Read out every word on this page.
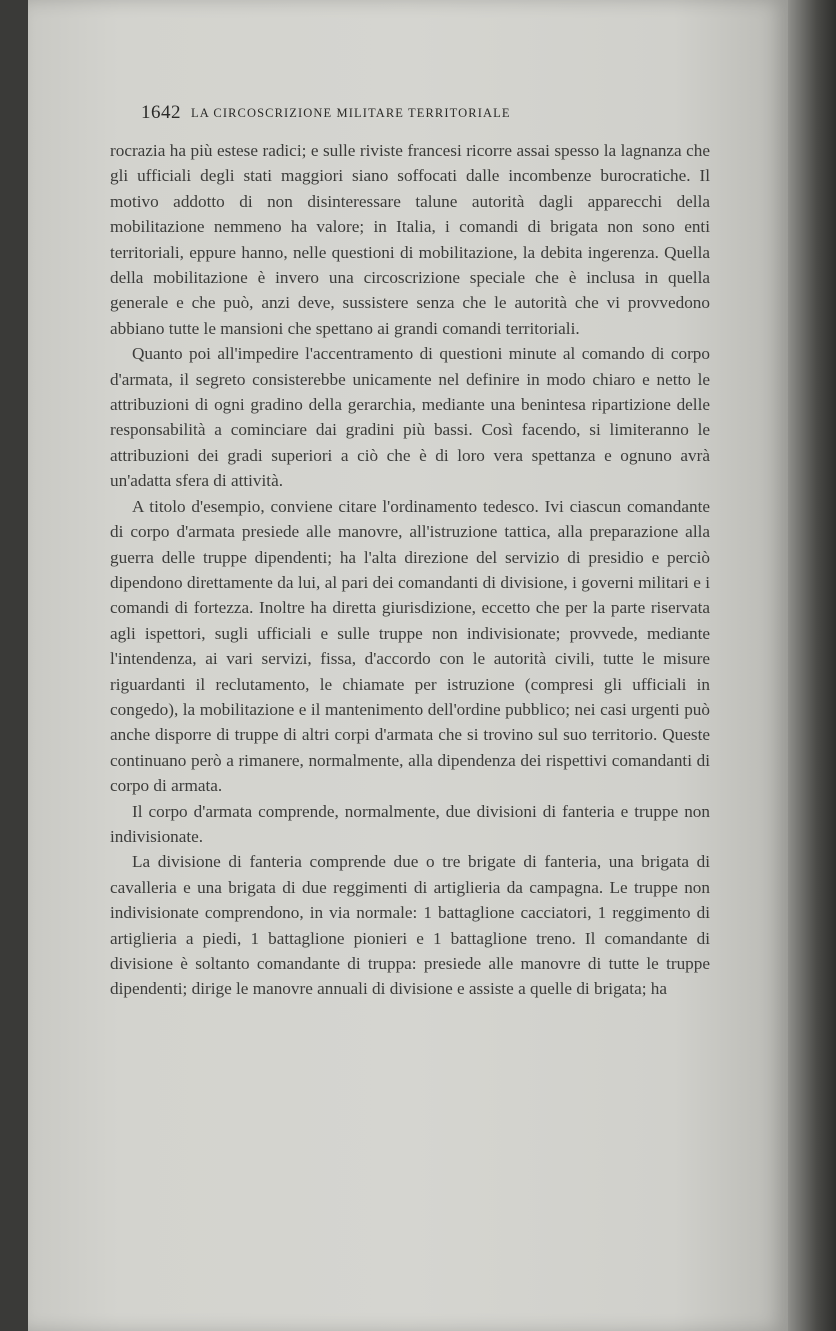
1642 LA CIRCOSCRIZIONE MILITARE TERRITORIALE

rocrazia ha più estese radici; e sulle riviste francesi ricorre assai spesso la lagnanza che gli ufficiali degli stati maggiori siano soffocati dalle incombenze burocratiche. Il motivo addotto di non disinteressare talune autorità dagli apparecchi della mobilitazione nemmeno ha valore; in Italia, i comandi di brigata non sono enti territoriali, eppure hanno, nelle questioni di mobilitazione, la debita ingerenza. Quella della mobilitazione è invero una circoscrizione speciale che è inclusa in quella generale e che può, anzi deve, sussistere senza che le autorità che vi provvedono abbiano tutte le mansioni che spettano ai grandi comandi territoriali.

Quanto poi all'impedire l'accentramento di questioni minute al comando di corpo d'armata, il segreto consisterebbe unicamente nel definire in modo chiaro e netto le attribuzioni di ogni gradino della gerarchia, mediante una benintesa ripartizione delle responsabilità a cominciare dai gradini più bassi. Così facendo, si limiteranno le attribuzioni dei gradi superiori a ciò che è di loro vera spettanza e ognuno avrà un'adatta sfera di attività.

A titolo d'esempio, conviene citare l'ordinamento tedesco. Ivi ciascun comandante di corpo d'armata presiede alle manovre, all'istruzione tattica, alla preparazione alla guerra delle truppe dipendenti; ha l'alta direzione del servizio di presidio e perciò dipendono direttamente da lui, al pari dei comandanti di divisione, i governi militari e i comandi di fortezza. Inoltre ha diretta giurisdizione, eccetto che per la parte riservata agli ispettori, sugli ufficiali e sulle truppe non indivisionate; provvede, mediante l'intendenza, ai vari servizi, fissa, d'accordo con le autorità civili, tutte le misure riguardanti il reclutamento, le chiamate per istruzione (compresi gli ufficiali in congedo), la mobilitazione e il mantenimento dell'ordine pubblico; nei casi urgenti può anche disporre di truppe di altri corpi d'armata che si trovino sul suo territorio. Queste continuano però a rimanere, normalmente, alla dipendenza dei rispettivi comandanti di corpo di armata.

Il corpo d'armata comprende, normalmente, due divisioni di fanteria e truppe non indivisionate.

La divisione di fanteria comprende due o tre brigate di fanteria, una brigata di cavalleria e una brigata di due reggimenti di artiglieria da campagna. Le truppe non indivisionate comprendono, in via normale: 1 battaglione cacciatori, 1 reggimento di artiglieria a piedi, 1 battaglione pionieri e 1 battaglione treno. Il comandante di divisione è soltanto comandante di truppa: presiede alle manovre di tutte le truppe dipendenti; dirige le manovre annuali di divisione e assiste a quelle di brigata; ha
